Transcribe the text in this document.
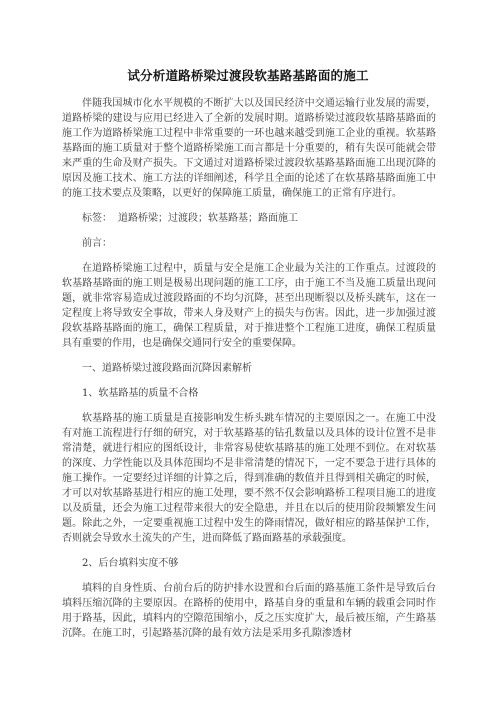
试分析道路桥梁过渡段软基路基路面的施工

伴随我国城市化水平规模的不断扩大以及国民经济中交通运输行业发展的需要，道路桥梁的建设与应用已经进入了全新的发展时期。道路桥梁过渡段软基路基路面的施工作为道路桥梁施工过程中非常重要的一环也越来越受到施工企业的重视。软基路基路面的施工质量对于整个道路桥梁施工而言都是十分重要的，稍有失误可能就会带来严重的生命及财产损失。下文通过对道路桥梁过渡段软基路基路面施工出现沉降的原因及施工技术、施工方法的详细阐述，科学且全面的论述了在软基路基路面施工中的施工技术要点及策略，以更好的保障施工质量，确保施工的正常有序进行。

标签： 道路桥梁；过渡段；软基路基；路面施工

前言：

在道路桥梁施工过程中，质量与安全是施工企业最为关注的工作重点。过渡段的软基路基路面的施工则是极易出现问题的施工工序，由于施工不当及施工质量出现问题，就非常容易造成过渡段路面的不均匀沉降，甚至出现断裂以及桥头跳车，这在一定程度上将导致安全事故，带来人身及财产上的损失与伤害。因此，进一步加强过渡段软基路基路面的施工，确保工程质量，对于推进整个工程施工进度，确保工程质量具有重要的作用，也是确保交通同行安全的重要保障。

一、道路桥梁过渡段路面沉降因素解析

1、软基路基的质量不合格

软基路基的施工质量是直接影响发生桥头跳车情况的主要原因之一。在施工中没有对施工流程进行仔细的研究，对于软基路基的钻孔数量以及具体的设计位置不是非常清楚，就进行相应的图纸设计，非常容易使软基路基的施工处理不到位。在对软基的深度、力学性能以及具体范围均不是非常清楚的情况下，一定不要急于进行具体的施工操作。一定要经过详细的计算之后，得到准确的数值并且得到相关确定的时候，才可以对软基路基进行相应的施工处理，要不然不仅会影响路桥工程项目施工的进度以及质量，还会为施工过程带来很大的安全隐患，并且在以后的使用阶段频繁发生问题。除此之外，一定要重视施工过程中发生的降雨情况，做好相应的路基保护工作，否则就会导致水土流失的产生，进而降低了路面路基的承载强度。

2、后台填料实度不够

填料的自身性质、台前台后的防护排水设置和台后面的路基施工条件是导致后台填料压缩沉降的主要原因。在路桥的使用中，路基自身的重量和车辆的载重会同时作用于路基，因此，填料内的空隙范围缩小，反之压实度扩大，最后被压缩，产生路基沉降。在施工时，引起路基沉降的最有效方法是采用多孔隙渗透材
